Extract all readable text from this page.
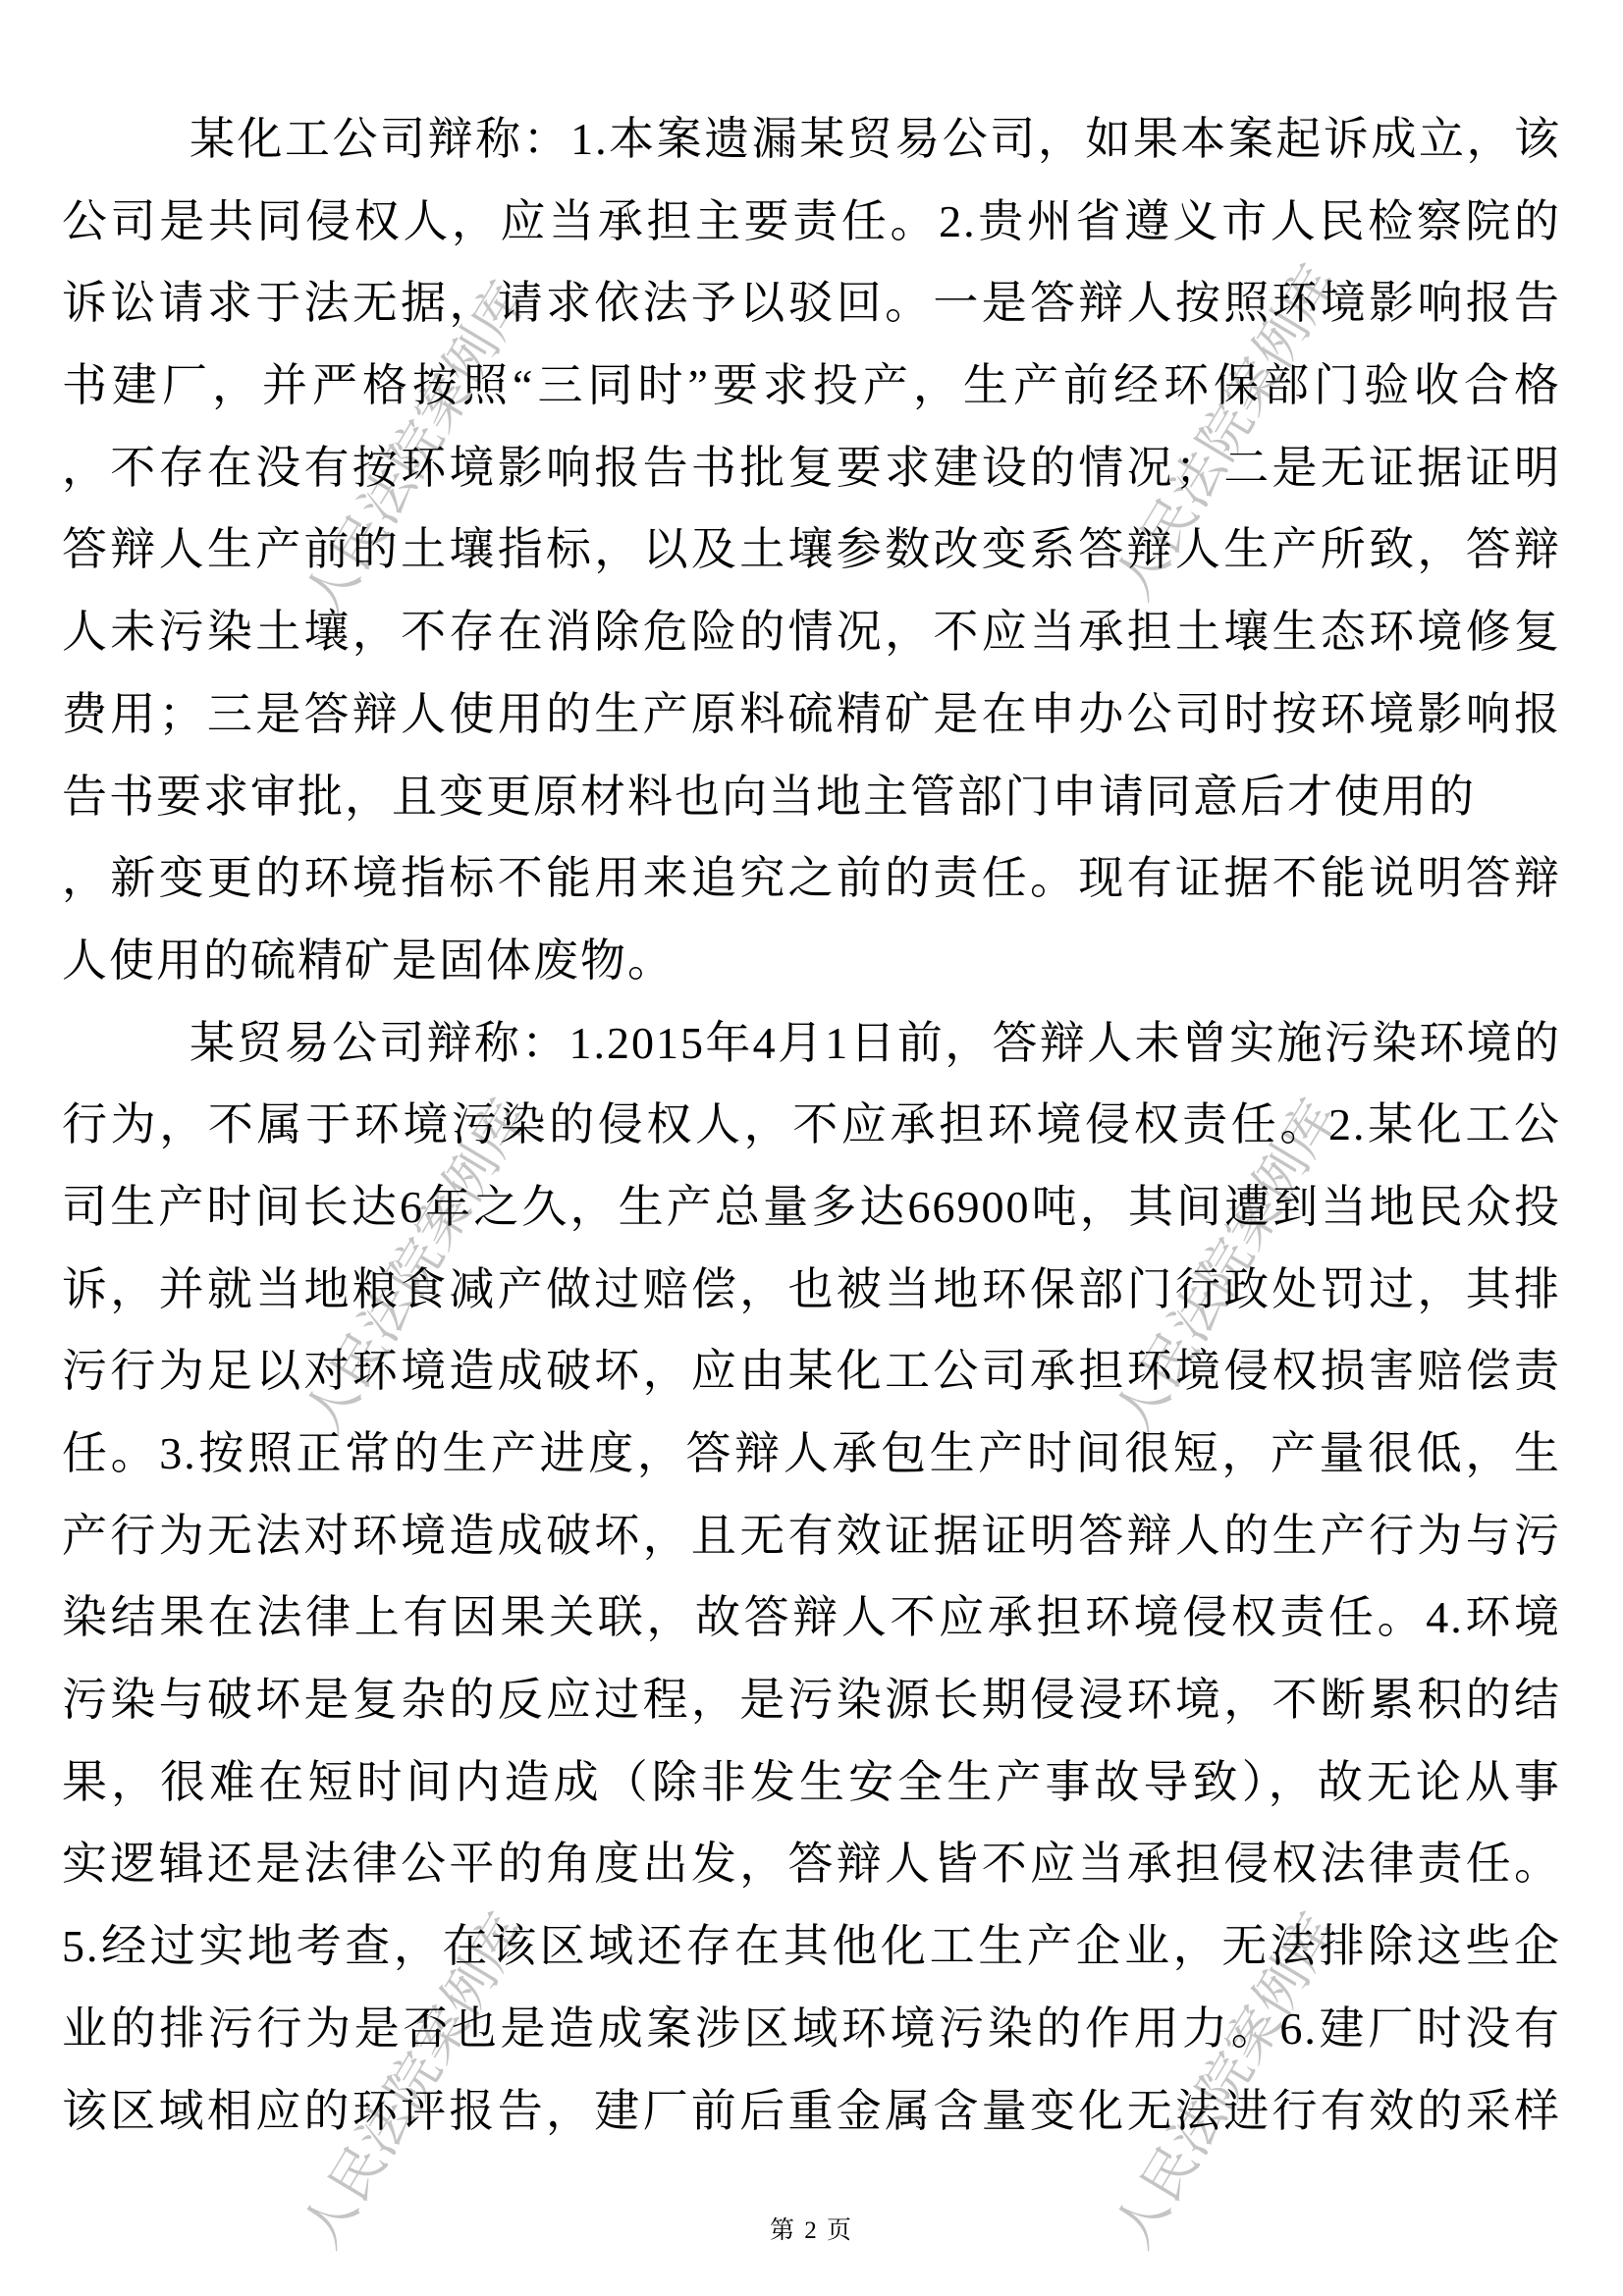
人民法院案例库	人民法院案例库
人民法院案例库	人民法院案例库
人民法院案例库	人民法院案例库
某化工公司辩称：1.本案遗漏某贸易公司，如果本案起诉成立，该
公司是共同侵权人，应当承担主要责任。2.贵州省遵义市人民检察院的
诉讼请求于法无据，请求依法予以驳回。一是答辩人按照环境影响报告
书建厂，并严格按照“三同时”要求投产，生产前经环保部门验收合格
，不存在没有按环境影响报告书批复要求建设的情况；二是无证据证明
答辩人生产前的土壤指标，以及土壤参数改变系答辩人生产所致，答辩
人未污染土壤，不存在消除危险的情况，不应当承担土壤生态环境修复
费用；三是答辩人使用的生产原料硫精矿是在申办公司时按环境影响报
告书要求审批，且变更原材料也向当地主管部门申请同意后才使用的
，新变更的环境指标不能用来追究之前的责任。现有证据不能说明答辩
人使用的硫精矿是固体废物。
某贸易公司辩称：1.2015年4月1日前，答辩人未曾实施污染环境的
行为，不属于环境污染的侵权人，不应承担环境侵权责任。2.某化工公
司生产时间长达6年之久，生产总量多达66900吨，其间遭到当地民众投
诉，并就当地粮食减产做过赔偿，也被当地环保部门行政处罚过，其排
污行为足以对环境造成破坏，应由某化工公司承担环境侵权损害赔偿责
任。3.按照正常的生产进度，答辩人承包生产时间很短，产量很低，生
产行为无法对环境造成破坏，且无有效证据证明答辩人的生产行为与污
染结果在法律上有因果关联，故答辩人不应承担环境侵权责任。4.环境
污染与破坏是复杂的反应过程，是污染源长期侵浸环境，不断累积的结
果，很难在短时间内造成（除非发生安全生产事故导致），故无论从事
实逻辑还是法律公平的角度出发，答辩人皆不应当承担侵权法律责任。
5.经过实地考查，在该区域还存在其他化工生产企业，无法排除这些企
业的排污行为是否也是造成案涉区域环境污染的作用力。6.建厂时没有
该区域相应的环评报告，建厂前后重金属含量变化无法进行有效的采样
第 2 页
